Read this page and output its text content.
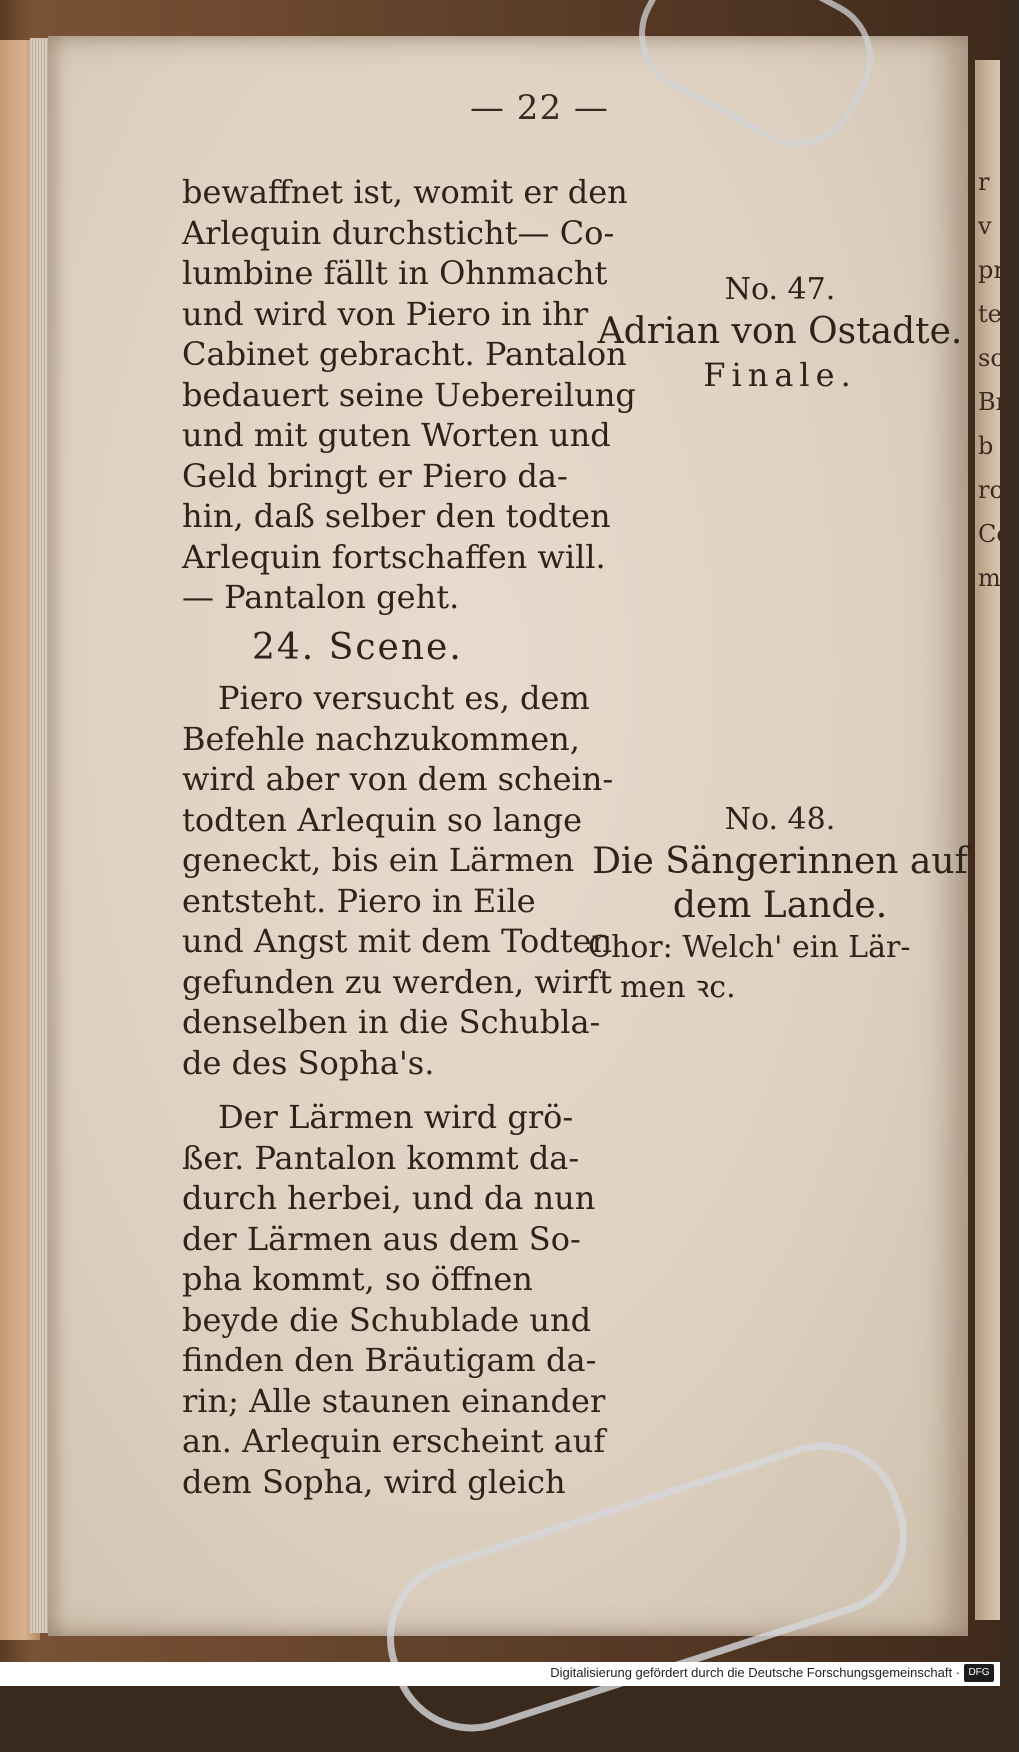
r
v
pr
ter
sch
Br
b
ro'
Co
mi
— 22 —
bewaffnet ist, womit er den
Arlequin durchsticht— Co-
lumbine fällt in Ohnmacht
und wird von Piero in ihr
Cabinet gebracht. Pantalon
bedauert seine Uebereilung
und mit guten Worten und
Geld bringt er Piero da-
hin, daß selber den todten
Arlequin fortschaffen will.
— Pantalon geht.
24. Scene.
Piero versucht es, dem
Befehle nachzukommen,
wird aber von dem schein-
todten Arlequin so lange
geneckt, bis ein Lärmen
entsteht. Piero in Eile
und Angst mit dem Todten
gefunden zu werden, wirft
denselben in die Schubla-
de des Sopha's.
Der Lärmen wird grö-
ßer. Pantalon kommt da-
durch herbei, und da nun
der Lärmen aus dem So-
pha kommt, so öffnen
beyde die Schublade und
finden den Bräutigam da-
rin; Alle staunen einander
an. Arlequin erscheint auf
dem Sopha, wird gleich
No. 47.
Adrian von Ostadte.
Finale.
No. 48.
Die Sängerinnen auf
dem Lande.
Chor: Welch' ein Lär-
men ꝛc.
Digitalisierung gefördert durch die Deutsche Forschungsgemeinschaft · DFG
